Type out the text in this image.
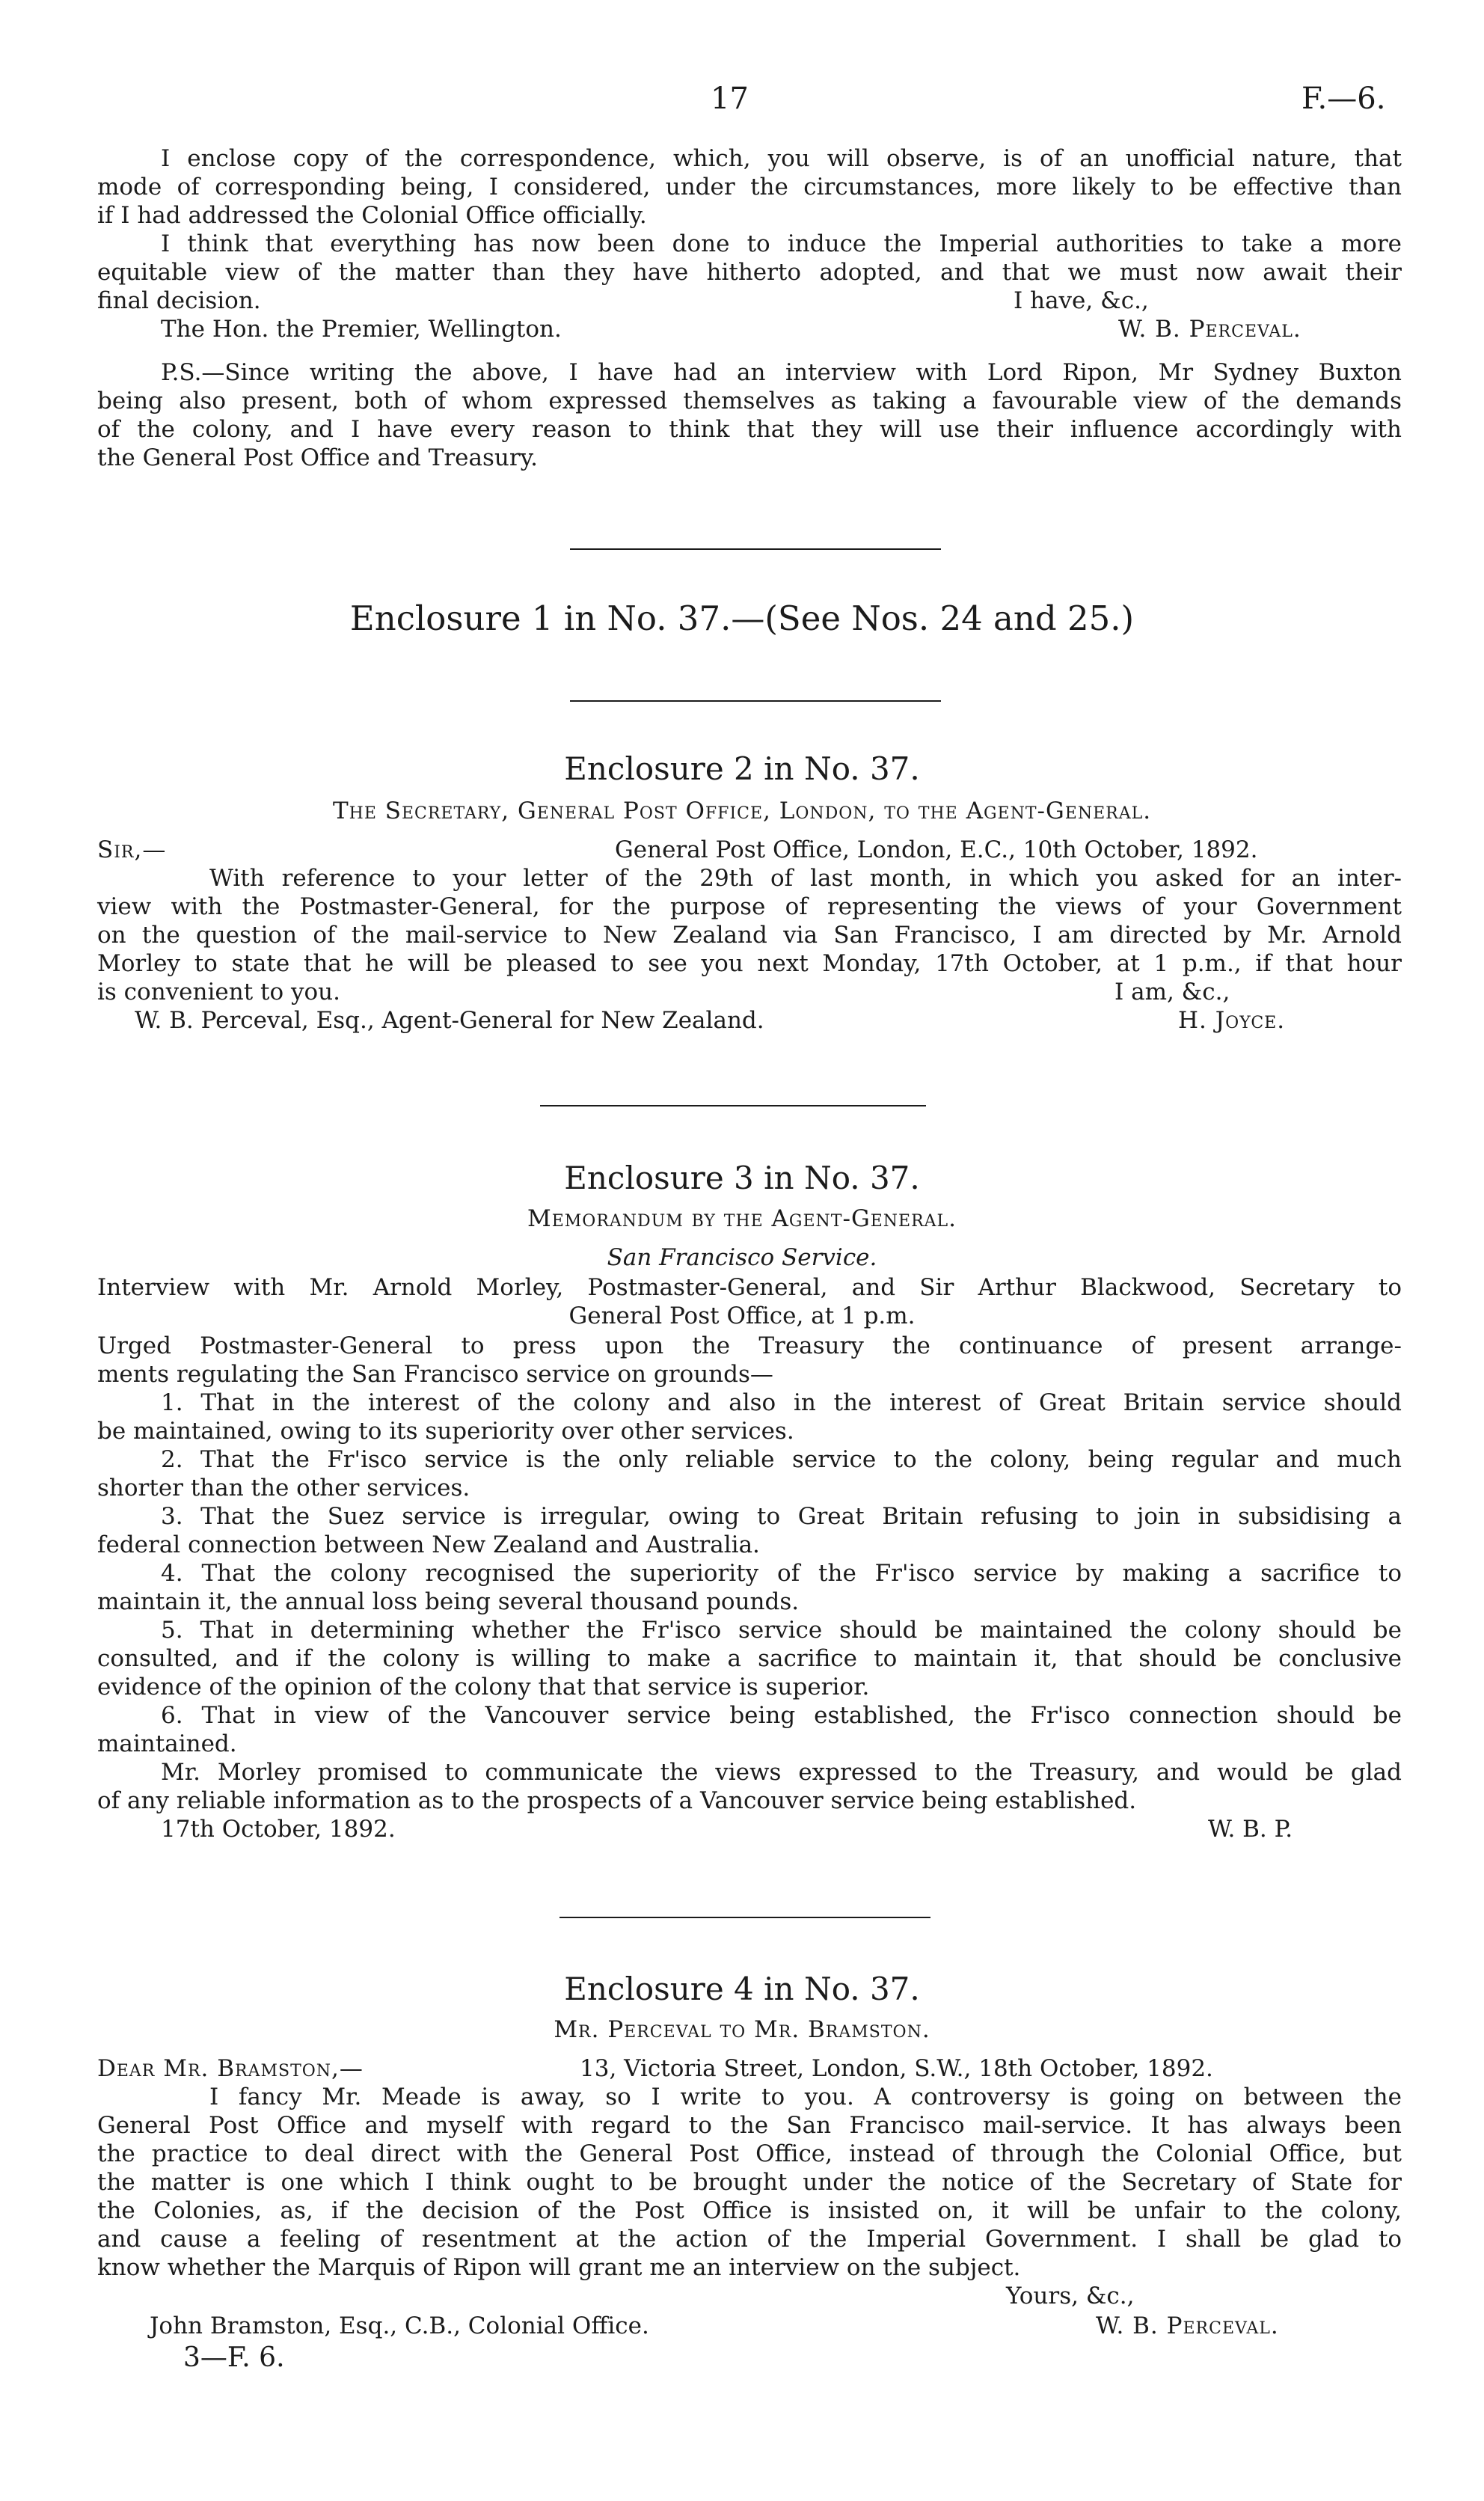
17	F.—6.
I enclose copy of the correspondence, which, you will observe, is of an unofficial nature, that
mode of corresponding being, I considered, under the circumstances, more likely to be effective than
if I had addressed the Colonial Office officially.
I think that everything has now been done to induce the Imperial authorities to take a more
equitable view of the matter than they have hitherto adopted, and that we must now await their
final decision.	I have, &c.,
The Hon. the Premier, Wellington.	W. B. Perceval.
P.S.—Since writing the above, I have had an interview with Lord Ripon, Mr Sydney Buxton
being also present, both of whom expressed themselves as taking a favourable view of the demands
of the colony, and I have every reason to think that they will use their influence accordingly with
the General Post Office and Treasury.
Enclosure 1 in No. 37.—(See Nos. 24 and 25.)
Enclosure 2 in No. 37.
The Secretary, General Post Office, London, to the Agent-General.
Sir,—	General Post Office, London, E.C., 10th October, 1892.
With reference to your letter of the 29th of last month, in which you asked for an inter-
view with the Postmaster-General, for the purpose of representing the views of your Government
on the question of the mail-service to New Zealand via San Francisco, I am directed by Mr. Arnold
Morley to state that he will be pleased to see you next Monday, 17th October, at 1 p.m., if that hour
is convenient to you.	I am, &c.,
W. B. Perceval, Esq., Agent-General for New Zealand.	H. Joyce.
Enclosure 3 in No. 37.
Memorandum by the Agent-General.
San Francisco Service.
Interview with Mr. Arnold Morley, Postmaster-General, and Sir Arthur Blackwood, Secretary to
General Post Office, at 1 p.m.
Urged Postmaster-General to press upon the Treasury the continuance of present arrange-
ments regulating the San Francisco service on grounds—
1. That in the interest of the colony and also in the interest of Great Britain service should
be maintained, owing to its superiority over other services.
2. That the Fr'isco service is the only reliable service to the colony, being regular and much
shorter than the other services.
3. That the Suez service is irregular, owing to Great Britain refusing to join in subsidising a
federal connection between New Zealand and Australia.
4. That the colony recognised the superiority of the Fr'isco service by making a sacrifice to
maintain it, the annual loss being several thousand pounds.
5. That in determining whether the Fr'isco service should be maintained the colony should be
consulted, and if the colony is willing to make a sacrifice to maintain it, that should be conclusive
evidence of the opinion of the colony that that service is superior.
6. That in view of the Vancouver service being established, the Fr'isco connection should be
maintained.
Mr. Morley promised to communicate the views expressed to the Treasury, and would be glad
of any reliable information as to the prospects of a Vancouver service being established.
17th October, 1892.	W. B. P.
Enclosure 4 in No. 37.
Mr. Perceval to Mr. Bramston.
Dear Mr. Bramston,—	13, Victoria Street, London, S.W., 18th October, 1892.
I fancy Mr. Meade is away, so I write to you. A controversy is going on between the
General Post Office and myself with regard to the San Francisco mail-service. It has always been
the practice to deal direct with the General Post Office, instead of through the Colonial Office, but
the matter is one which I think ought to be brought under the notice of the Secretary of State for
the Colonies, as, if the decision of the Post Office is insisted on, it will be unfair to the colony,
and cause a feeling of resentment at the action of the Imperial Government. I shall be glad to
know whether the Marquis of Ripon will grant me an interview on the subject.
Yours, &c.,
John Bramston, Esq., C.B., Colonial Office.	W. B. Perceval.
3—F. 6.
